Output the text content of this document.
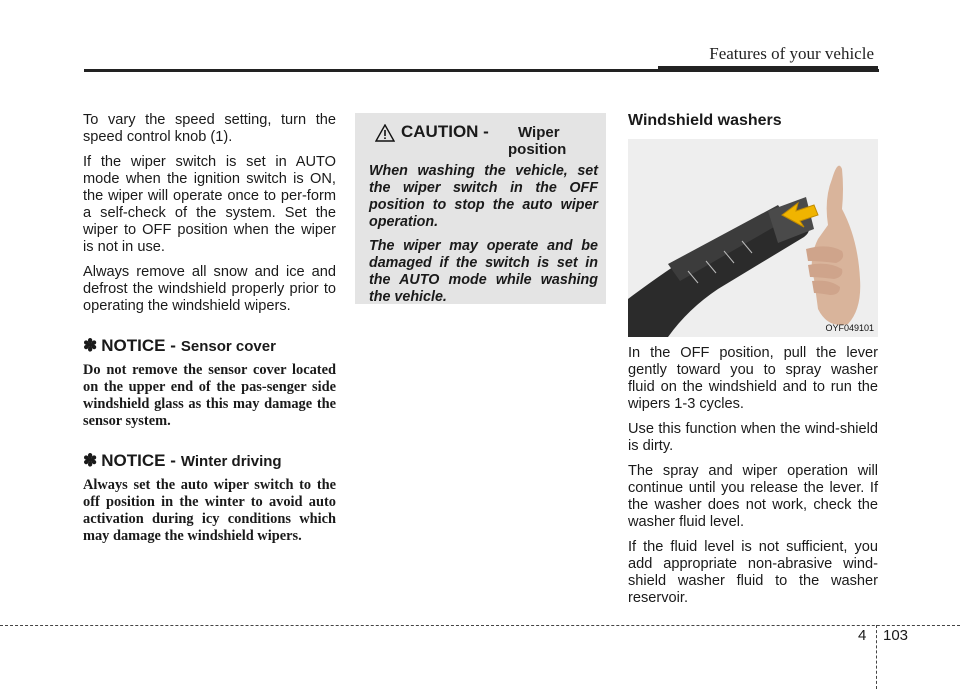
Features of your vehicle

To vary the speed setting, turn the speed control knob (1).

If the wiper switch is set in AUTO mode when the ignition switch is ON, the wiper will operate once to per-form a self-check of the system. Set the wiper to OFF position when the wiper is not in use.

Always remove all snow and ice and defrost the windshield properly prior to operating the windshield wipers.

✽ NOTICE - Sensor cover

Do not remove the sensor cover located on the upper end of the pas-senger side windshield glass as this may damage the sensor system.

✽ NOTICE - Winter driving

Always set the auto wiper switch to the off position in the winter to avoid auto activation during icy conditions which may damage the windshield wipers.

CAUTION - Wiper
position

When washing the vehicle, set the wiper switch in the OFF position to stop the auto wiper operation.

The wiper may operate and be damaged if the switch is set in the AUTO mode while washing the vehicle.

Windshield washers
OYF049101

In the OFF position, pull the lever gently toward you to spray washer fluid on the windshield and to run the wipers 1-3 cycles.

Use this function when the wind-shield is dirty.

The spray and wiper operation will continue until you release the lever. If the washer does not work, check the washer fluid level.

If the fluid level is not sufficient, you add appropriate non-abrasive wind-shield washer fluid to the washer reservoir.

4 103
